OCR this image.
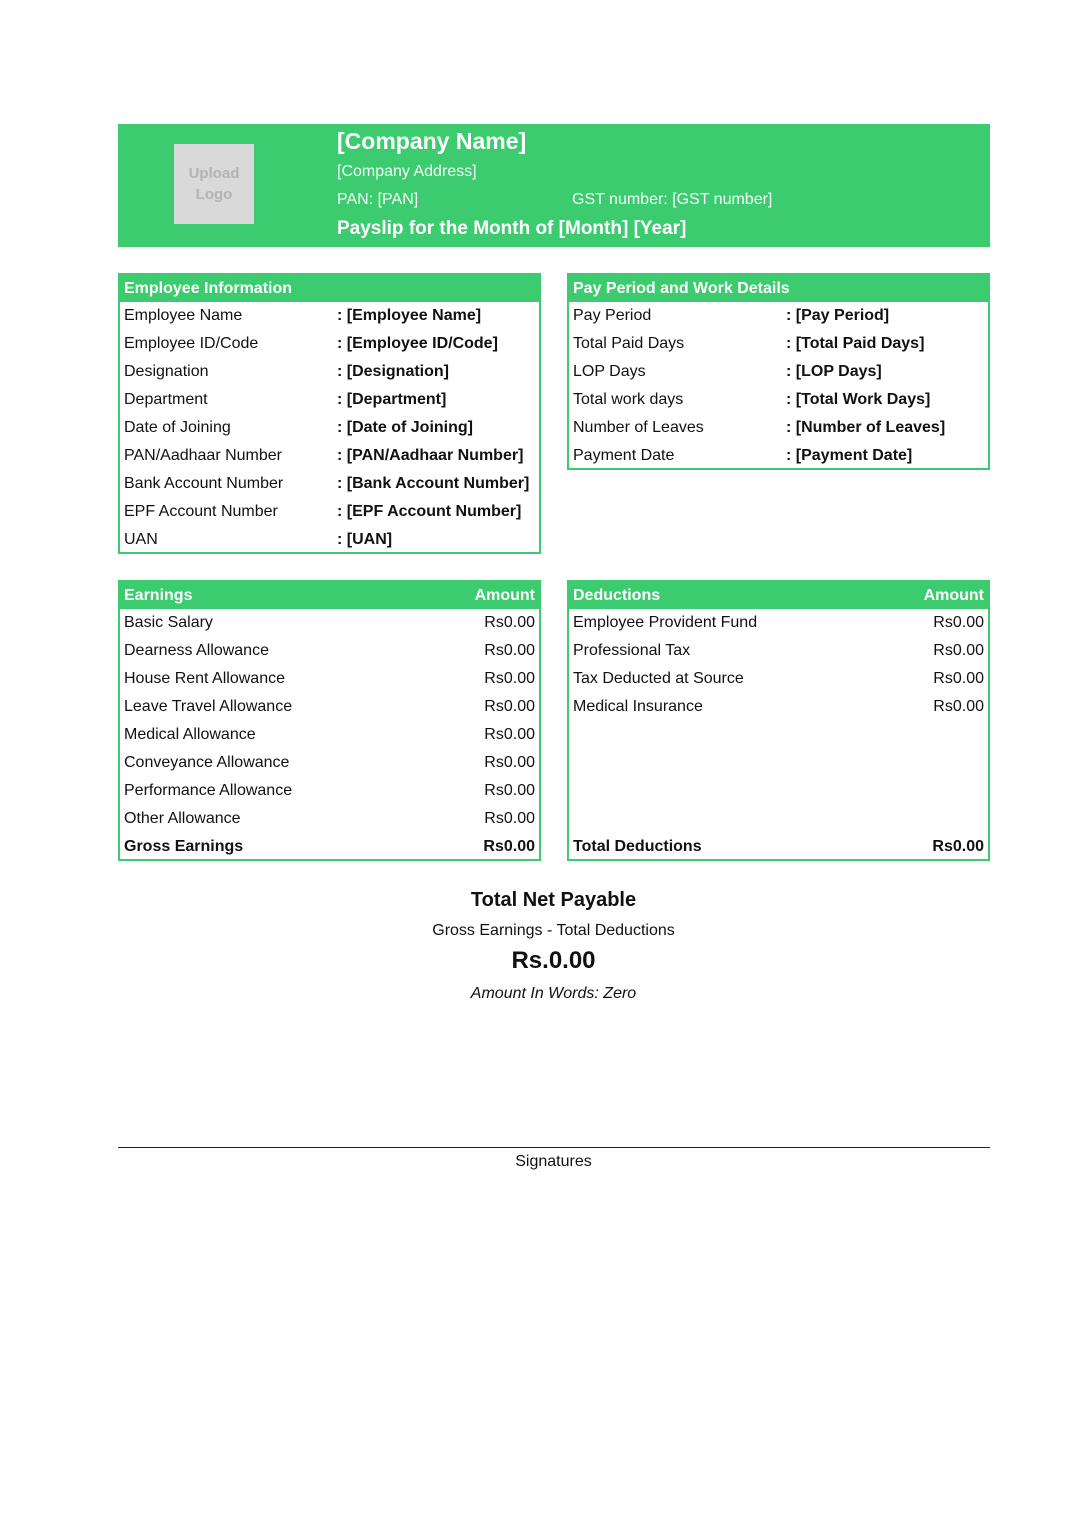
Upload
Logo
[Company Name]
[Company Address]
PAN: [PAN]	GST number: [GST number]
Payslip for the Month of [Month] [Year]
Employee Information
Employee Name	: [Employee Name]
Employee ID/Code	: [Employee ID/Code]
Designation	: [Designation]
Department	: [Department]
Date of Joining	: [Date of Joining]
PAN/Aadhaar Number	: [PAN/Aadhaar Number]
Bank Account Number	: [Bank Account Number]
EPF Account Number	: [EPF Account Number]
UAN	: [UAN]
Pay Period and Work Details
Pay Period	: [Pay Period]
Total Paid Days	: [Total Paid Days]
LOP Days	: [LOP Days]
Total work days	: [Total Work Days]
Number of Leaves	: [Number of Leaves]
Payment Date	: [Payment Date]
Earnings	Amount
Basic Salary	Rs0.00
Dearness Allowance	Rs0.00
House Rent Allowance	Rs0.00
Leave Travel Allowance	Rs0.00
Medical Allowance	Rs0.00
Conveyance Allowance	Rs0.00
Performance Allowance	Rs0.00
Other Allowance	Rs0.00
Gross Earnings	Rs0.00
Deductions	Amount
Employee Provident Fund	Rs0.00
Professional Tax	Rs0.00
Tax Deducted at Source	Rs0.00
Medical Insurance	Rs0.00
Total Deductions	Rs0.00
Total Net Payable
Gross Earnings - Total Deductions
Rs.0.00
Amount In Words: Zero
Signatures
